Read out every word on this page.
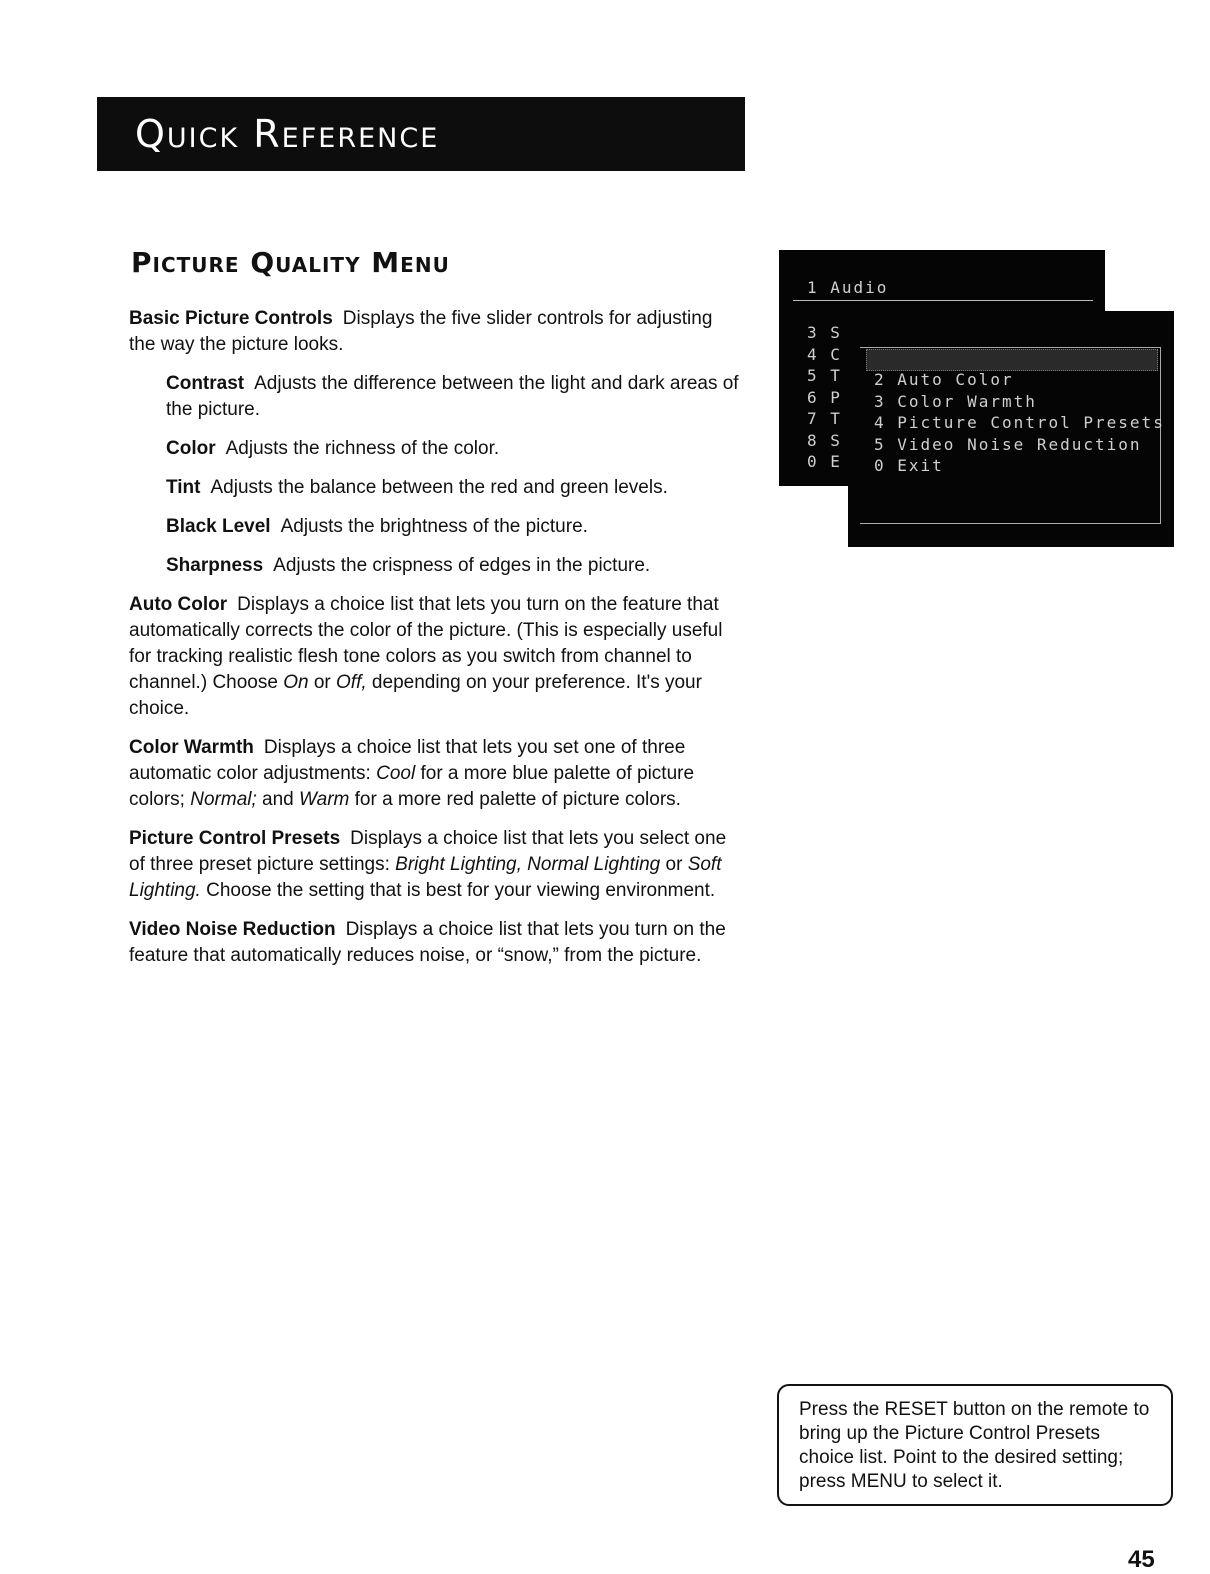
Quick Reference
Picture Quality Menu

Basic Picture Controls Displays the five slider controls for adjusting the way the picture looks.

Contrast Adjusts the difference between the light and dark areas of the picture.

Color Adjusts the richness of the color.

Tint Adjusts the balance between the red and green levels.

Black Level Adjusts the brightness of the picture.

Sharpness Adjusts the crispness of edges in the picture.

Auto Color Displays a choice list that lets you turn on the feature that automatically corrects the color of the picture. (This is especially useful for tracking realistic flesh tone colors as you switch from channel to channel.) Choose On or Off, depending on your preference. It's your choice.

Color Warmth Displays a choice list that lets you set one of three automatic color adjustments: Cool for a more blue palette of picture colors; Normal; and Warm for a more red palette of picture colors.

Picture Control Presets Displays a choice list that lets you select one of three preset picture settings: Bright Lighting, Normal Lighting or Soft Lighting. Choose the setting that is best for your viewing environment.

Video Noise Reduction Displays a choice list that lets you turn on the feature that automatically reduces noise, or “snow,” from the picture.

1 Audio
3 S
4 C
5 T
6 P
7 T
8 S
0 E
2 Auto Color
3 Color Warmth
4 Picture Control Presets
5 Video Noise Reduction
0 Exit
Press the RESET button on the remote to bring up the Picture Control Presets choice list. Point to the desired setting; press MENU to select it.
45
